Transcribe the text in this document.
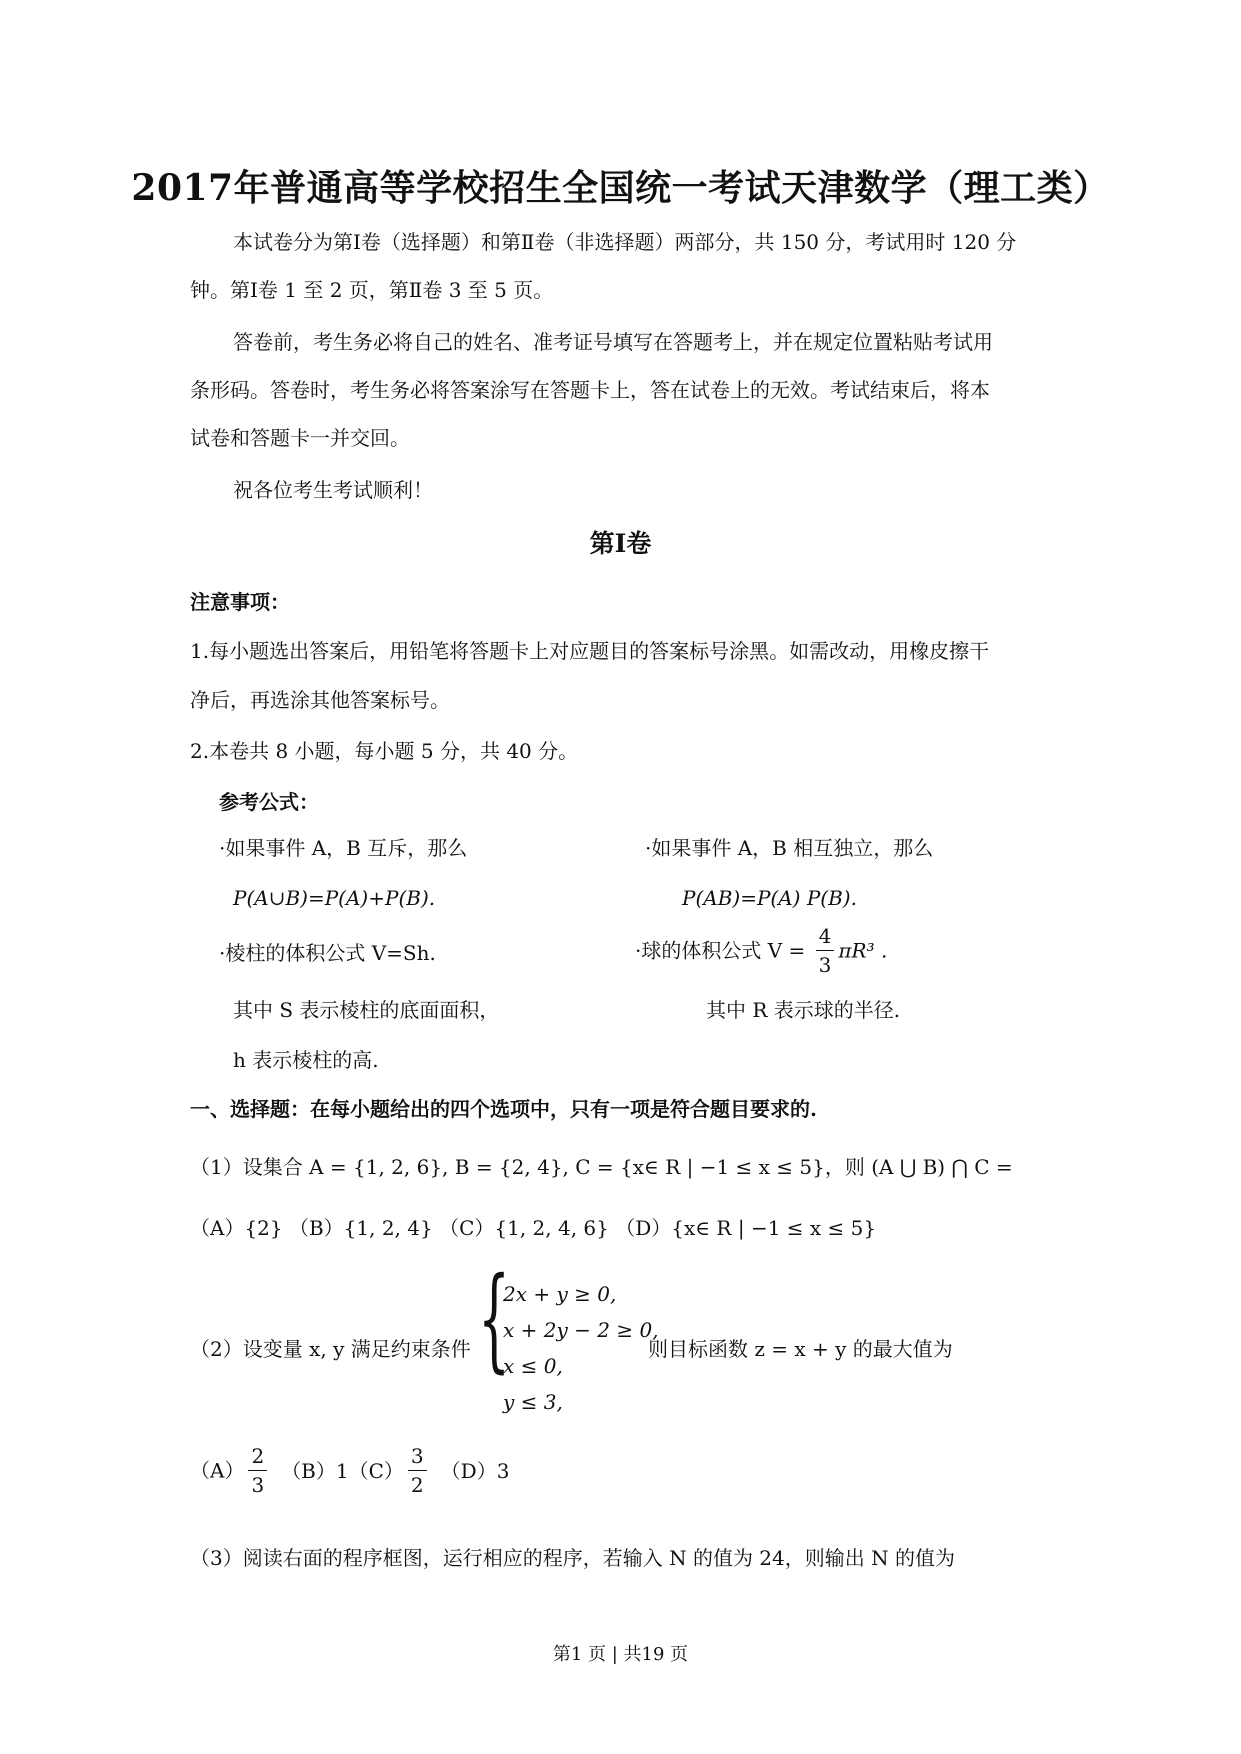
2017年普通高等学校招生全国统一考试天津数学（理工类）
本试卷分为第Ⅰ卷（选择题）和第Ⅱ卷（非选择题）两部分，共 150 分，考试用时 120 分
钟。第Ⅰ卷 1 至 2 页，第Ⅱ卷 3 至 5 页。
答卷前，考生务必将自己的姓名、准考证号填写在答题考上，并在规定位置粘贴考试用
条形码。答卷时，考生务必将答案涂写在答题卡上，答在试卷上的无效。考试结束后，将本
试卷和答题卡一并交回。
祝各位考生考试顺利！
第Ⅰ卷
注意事项：
1.每小题选出答案后，用铅笔将答题卡上对应题目的答案标号涂黑。如需改动，用橡皮擦干
净后，再选涂其他答案标号。
2.本卷共 8 小题，每小题 5 分，共 40 分。
参考公式：
·如果事件 A，B 互斥，那么
P(A∪B)=P(A)+P(B).
·棱柱的体积公式 V=Sh.
其中 S 表示棱柱的底面面积，
h 表示棱柱的高.
·如果事件 A，B 相互独立，那么
P(AB)=P(A) P(B).
·球的体积公式 $V = \frac{4}{3} \pi R^3$ .
其中 R 表示球的半径.
一、选择题：在每小题给出的四个选项中，只有一项是符合题目要求的.
（1）设集合 A = {1, 2, 6}, B = {2, 4}, C = {x∈ R | −1 ≤ x ≤ 5}，则 (A ⋃ B) ⋂ C =
（A）{2} （B）{1, 2, 4} （C）{1, 2, 4, 6} （D）{x∈ R | −1 ≤ x ≤ 5}
（2）设变量 x, y 满足约束条件 {
2x + y ≥ 0,
x + 2y − 2 ≥ 0,
x ≤ 0,
y ≤ 3,
则目标函数 z = x + y 的最大值为
$(A) \frac{2}{3} (B)1(C) \frac{3}{2} (D)3$
（3）阅读右面的程序框图，运行相应的程序，若输入 N 的值为 24，则输出 N 的值为
第1 页 | 共19 页
